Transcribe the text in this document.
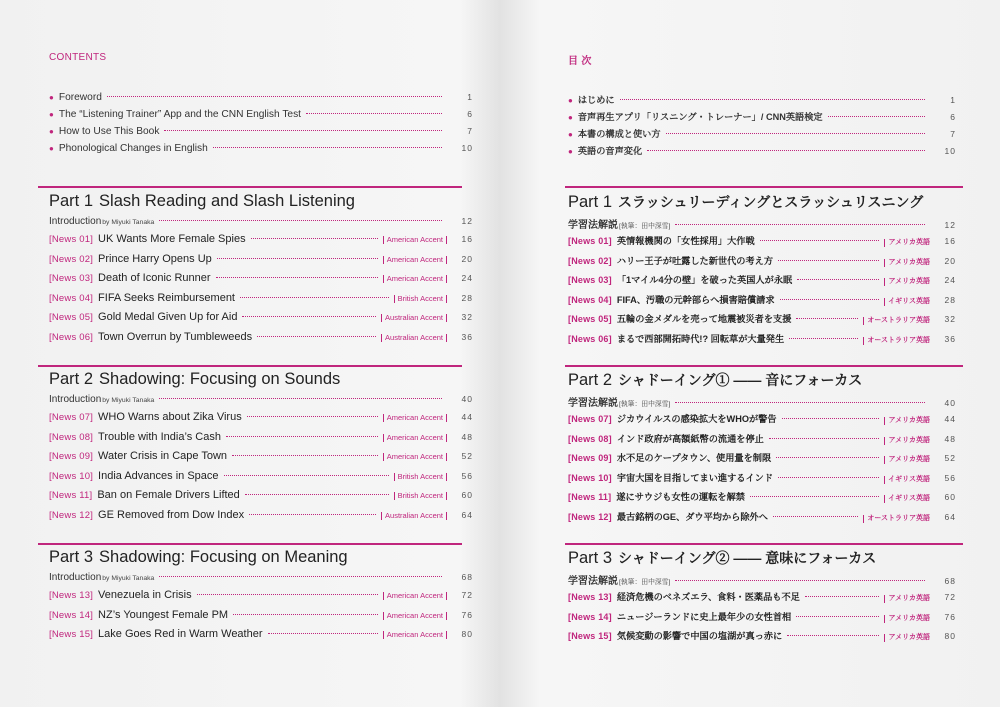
CONTENTS
● Foreword	1
● The “Listening Trainer” App and the CNN English Test	6
● How to Use This Book	7
● Phonological Changes in English	10
Part 1 Slash Reading and Slash Listening
Introduction by Miyuki Tanaka	12
[News 01] UK Wants More Female Spies	American Accent	16
[News 02] Prince Harry Opens Up	American Accent	20
[News 03] Death of Iconic Runner	American Accent	24
[News 04] FIFA Seeks Reimbursement	British Accent	28
[News 05] Gold Medal Given Up for Aid	Australian Accent	32
[News 06] Town Overrun by Tumbleweeds	Australian Accent	36
Part 2 Shadowing: Focusing on Sounds
Introduction by Miyuki Tanaka	40
[News 07] WHO Warns about Zika Virus	American Accent	44
[News 08] Trouble with India’s Cash	American Accent	48
[News 09] Water Crisis in Cape Town	American Accent	52
[News 10] India Advances in Space	British Accent	56
[News 11] Ban on Female Drivers Lifted	British Accent	60
[News 12] GE Removed from Dow Index	Australian Accent	64
Part 3 Shadowing: Focusing on Meaning
Introduction by Miyuki Tanaka	68
[News 13] Venezuela in Crisis	American Accent	72
[News 14] NZ’s Youngest Female PM	American Accent	76
[News 15] Lake Goes Red in Warm Weather	American Accent	80
目 次
● はじめに	1
● 音声再生アプリ「リスニング・トレーナー」/ CNN英語検定	6
● 本書の構成と使い方	7
● 英語の音声変化	10
Part 1 スラッシュリーディングとスラッシュリスニング
学習法解説 [執筆：田中深雪]	12
[News 01] 英情報機関の「女性採用」大作戦	アメリカ英語	16
[News 02] ハリー王子が吐露した新世代の考え方	アメリカ英語	20
[News 03] 「1マイル4分の壁」を破った英国人が永眠	アメリカ英語	24
[News 04] FIFA、汚職の元幹部らへ損害賠償請求	イギリス英語	28
[News 05] 五輪の金メダルを売って地震被災者を支援	オーストラリア英語	32
[News 06] まるで西部開拓時代!? 回転草が大量発生	オーストラリア英語	36
Part 2 シャドーイング① ―― 音にフォーカス
学習法解説 [執筆：田中深雪]	40
[News 07] ジカウイルスの感染拡大をWHOが警告	アメリカ英語	44
[News 08] インド政府が高額紙幣の流通を停止	アメリカ英語	48
[News 09] 水不足のケープタウン、使用量を制限	アメリカ英語	52
[News 10] 宇宙大国を目指してまい進するインド	イギリス英語	56
[News 11] 遂にサウジも女性の運転を解禁	イギリス英語	60
[News 12] 最古銘柄のGE、ダウ平均から除外へ	オーストラリア英語	64
Part 3 シャドーイング② ―― 意味にフォーカス
学習法解説 [執筆：田中深雪]	68
[News 13] 経済危機のベネズエラ、食料・医薬品も不足	アメリカ英語	72
[News 14] ニュージーランドに史上最年少の女性首相	アメリカ英語	76
[News 15] 気候変動の影響で中国の塩湖が真っ赤に	アメリカ英語	80
